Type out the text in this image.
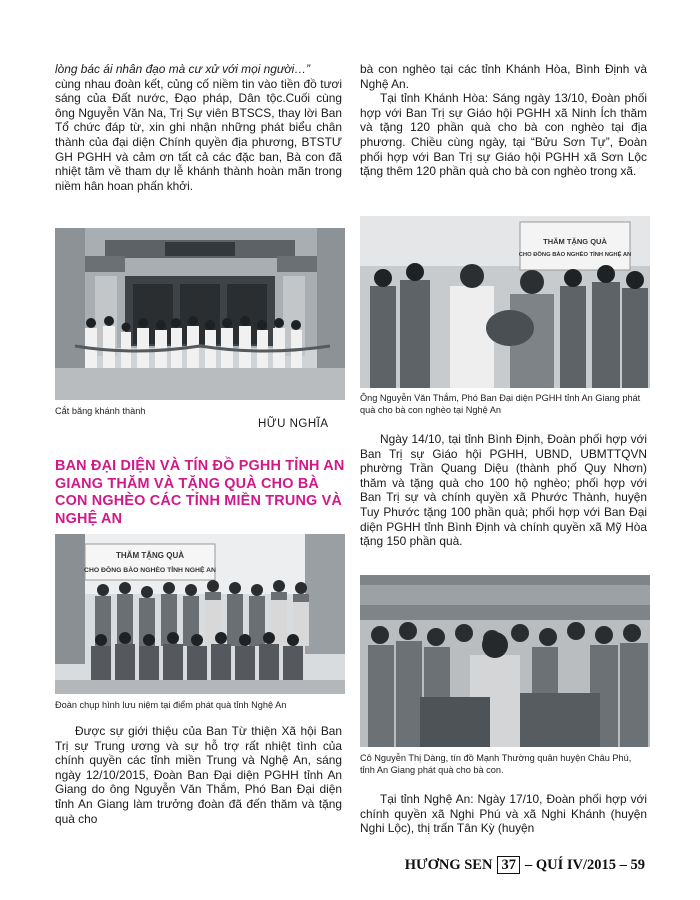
lòng bác ái nhân đạo mà cư xử với mọi người…”
cùng nhau đoàn kết, củng cố niềm tin vào tiền đồ tươi sáng của Đất nước, Đạo pháp, Dân tộc.Cuối cùng ông Nguyễn Văn Na, Trị Sự viên BTSCS, thay lời Ban Tổ chức đáp từ, xin ghi nhận những phát biểu chân thành của đại diện Chính quyền địa phương, BTSTƯ GH PGHH và cảm ơn tất cả các đặc ban, Bà con đã nhiệt tâm về tham dự lễ khánh thành hoàn mãn trong niềm hân hoan phấn khởi.

Cắt băng khánh thành
HỮU NGHĨA
BAN ĐẠI DIỆN VÀ TÍN ĐỒ PGHH TỈNH AN GIANG THĂM VÀ TẶNG QUÀ CHO BÀ CON NGHÈO CÁC TỈNH MIỀN TRUNG VÀ NGHỆ AN
THĂM TẶNG QUÀ
CHO ĐỒNG BÀO NGHÈO TỈNH NGHỆ AN
Đoàn chụp hình lưu niệm tại điểm phát quà tỉnh Nghệ An

Được sự giới thiệu của Ban Từ thiện Xã hội Ban Trị sự Trung ương và sự hỗ trợ rất nhiệt tình của chính quyền các tỉnh miền Trung và Nghệ An, sáng ngày 12/10/2015, Đoàn Ban Đại diện PGHH tỉnh An Giang do ông Nguyễn Văn Thắm, Phó Ban Đại diện tỉnh An Giang làm trưởng đoàn đã đến thăm và tặng quà cho

bà con nghèo tại các tỉnh Khánh Hòa, Bình Định và Nghệ An.

Tại tỉnh Khánh Hòa: Sáng ngày 13/10, Đoàn phối hợp với Ban Trị sự Giáo hội PGHH xã Ninh Ích thăm và tặng 120 phần quà cho bà con nghèo tại địa phương. Chiều cùng ngày, tại “Bửu Sơn Tự”, Đoàn phối hợp với Ban Trị sự Giáo hội PGHH xã Sơn Lộc tặng thêm 120 phần quà cho bà con nghèo trong xã.

THĂM TẶNG QUÀ
CHO ĐỒNG BÀO NGHÈO TỈNH NGHỆ AN
Ông Nguyễn Văn Thắm, Phó Ban Đại diện PGHH tỉnh An Giang phát quà cho bà con nghèo tại Nghệ An

Ngày 14/10, tại tỉnh Bình Định, Đoàn phối hợp với Ban Trị sự Giáo hội PGHH, UBND, UBMTTQVN phường Trần Quang Diệu (thành phố Quy Nhơn) thăm và tặng quà cho 100 hộ nghèo; phối hợp với Ban Trị sự và chính quyền xã Phước Thành, huyện Tuy Phước tặng 100 phần quà; phối hợp với Ban Đại diện PGHH tỉnh Bình Định và chính quyền xã Mỹ Hòa tặng 150 phần quà.

Cô Nguyễn Thị Dàng, tín đồ Mạnh Thường quân huyện Châu Phú, tỉnh An Giang phát quà cho bà con.

Tại tỉnh Nghệ An: Ngày 17/10, Đoàn phối hợp với chính quyền xã Nghi Phú và xã Nghi Khánh (huyện Nghi Lộc), thị trấn Tân Kỳ (huyện

HƯƠNG SEN 37 – QUÍ IV/2015 – 59
